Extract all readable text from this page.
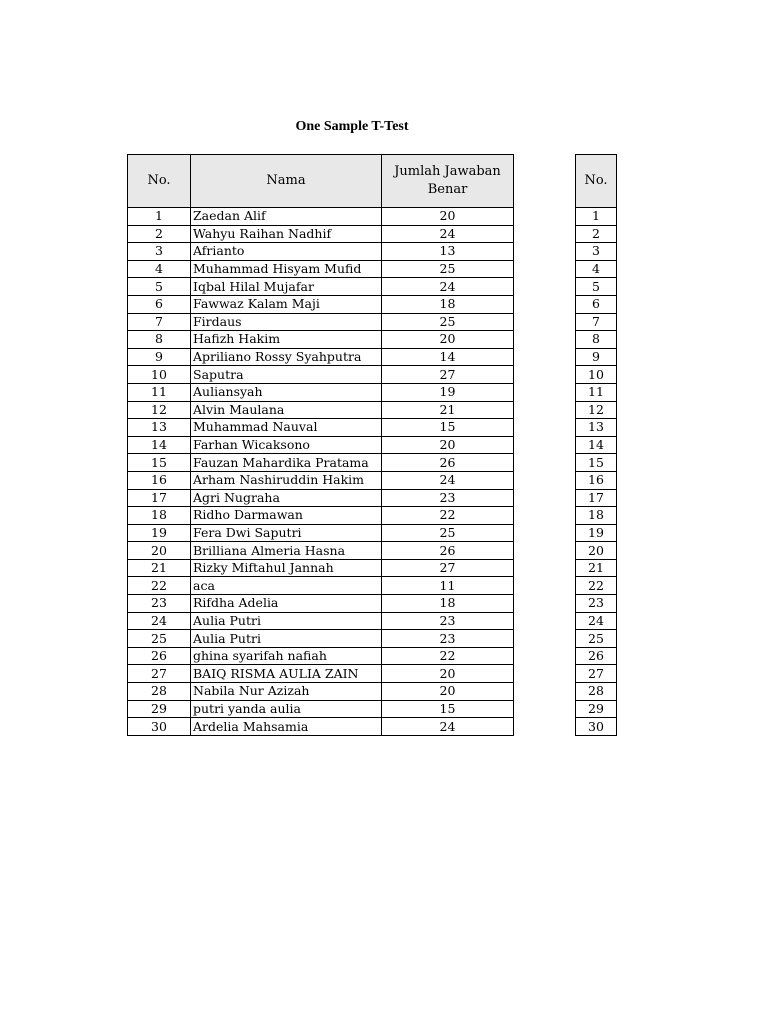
One Sample T-Test
No.	Nama	Jumlah Jawaban Benar
1	Zaedan Alif	20
2	Wahyu Raihan Nadhif	24
3	Afrianto	13
4	Muhammad Hisyam Mufid	25
5	Iqbal Hilal Mujafar	24
6	Fawwaz Kalam Maji	18
7	Firdaus	25
8	Hafizh Hakim	20
9	Apriliano Rossy Syahputra	14
10	Saputra	27
11	Auliansyah	19
12	Alvin Maulana	21
13	Muhammad Nauval	15
14	Farhan Wicaksono	20
15	Fauzan Mahardika Pratama	26
16	Arham Nashiruddin Hakim	24
17	Agri Nugraha	23
18	Ridho Darmawan	22
19	Fera Dwi Saputri	25
20	Brilliana Almeria Hasna	26
21	Rizky Miftahul Jannah	27
22	aca	11
23	Rifdha Adelia	18
24	Aulia Putri	23
25	Aulia Putri	23
26	ghina syarifah nafiah	22
27	BAIQ RISMA AULIA ZAIN	20
28	Nabila Nur Azizah	20
29	putri yanda aulia	15
30	Ardelia Mahsamia	24
No.
1
2
3
4
5
6
7
8
9
10
11
12
13
14
15
16
17
18
19
20
21
22
23
24
25
26
27
28
29
30
